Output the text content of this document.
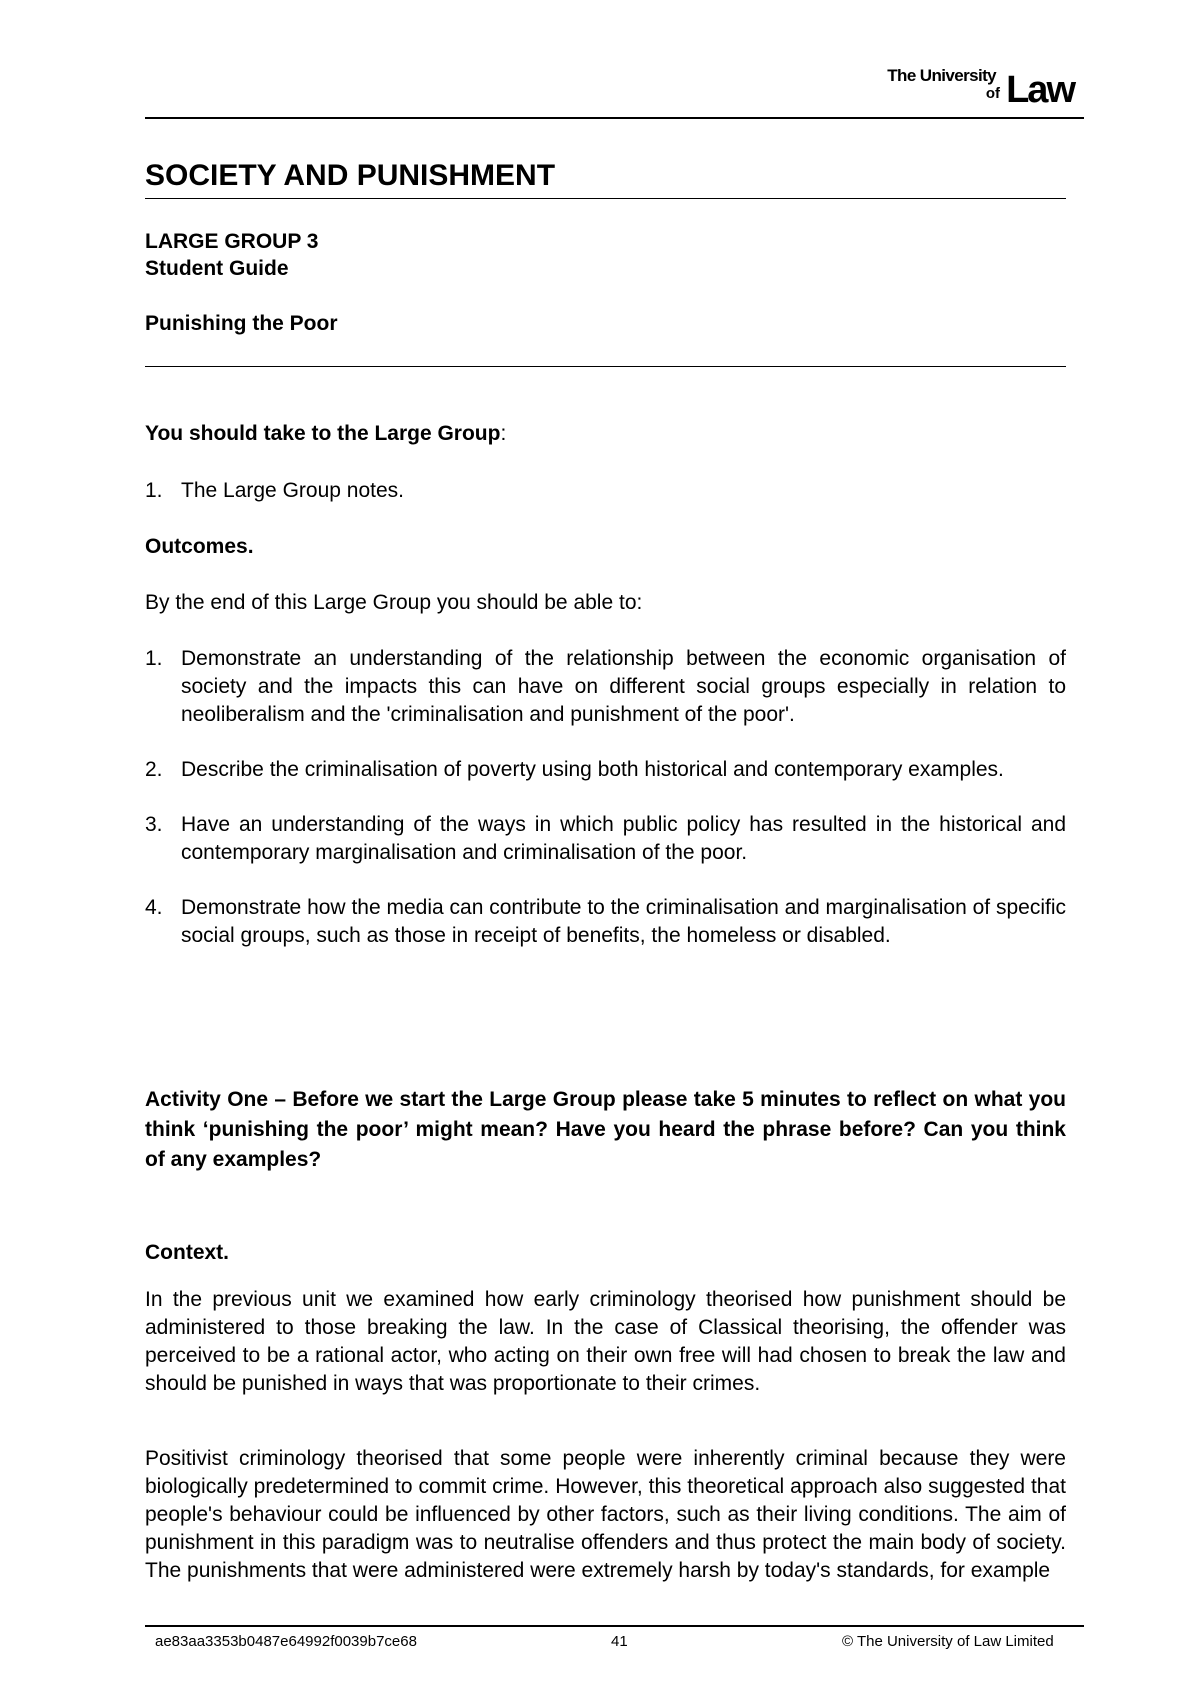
The University
of Law
SOCIETY AND PUNISHMENT
LARGE GROUP 3
Student Guide
Punishing the Poor
You should take to the Large Group:
1. The Large Group notes.
Outcomes.
By the end of this Large Group you should be able to:
1. Demonstrate an understanding of the relationship between the economic organisation of society and the impacts this can have on different social groups especially in relation to neoliberalism and the 'criminalisation and punishment of the poor'.
2. Describe the criminalisation of poverty using both historical and contemporary examples.
3. Have an understanding of the ways in which public policy has resulted in the historical and contemporary marginalisation and criminalisation of the poor.
4. Demonstrate how the media can contribute to the criminalisation and marginalisation of specific social groups, such as those in receipt of benefits, the homeless or disabled.
Activity One – Before we start the Large Group please take 5 minutes to reflect on what you think ‘punishing the poor’ might mean? Have you heard the phrase before? Can you think of any examples?
Context.
In the previous unit we examined how early criminology theorised how punishment should be administered to those breaking the law. In the case of Classical theorising, the offender was perceived to be a rational actor, who acting on their own free will had chosen to break the law and should be punished in ways that was proportionate to their crimes.
Positivist criminology theorised that some people were inherently criminal because they were biologically predetermined to commit crime. However, this theoretical approach also suggested that people's behaviour could be influenced by other factors, such as their living conditions. The aim of punishment in this paradigm was to neutralise offenders and thus protect the main body of society. The punishments that were administered were extremely harsh by today's standards, for example
ae83aa3353b0487e64992f0039b7ce68	41	© The University of Law Limited
